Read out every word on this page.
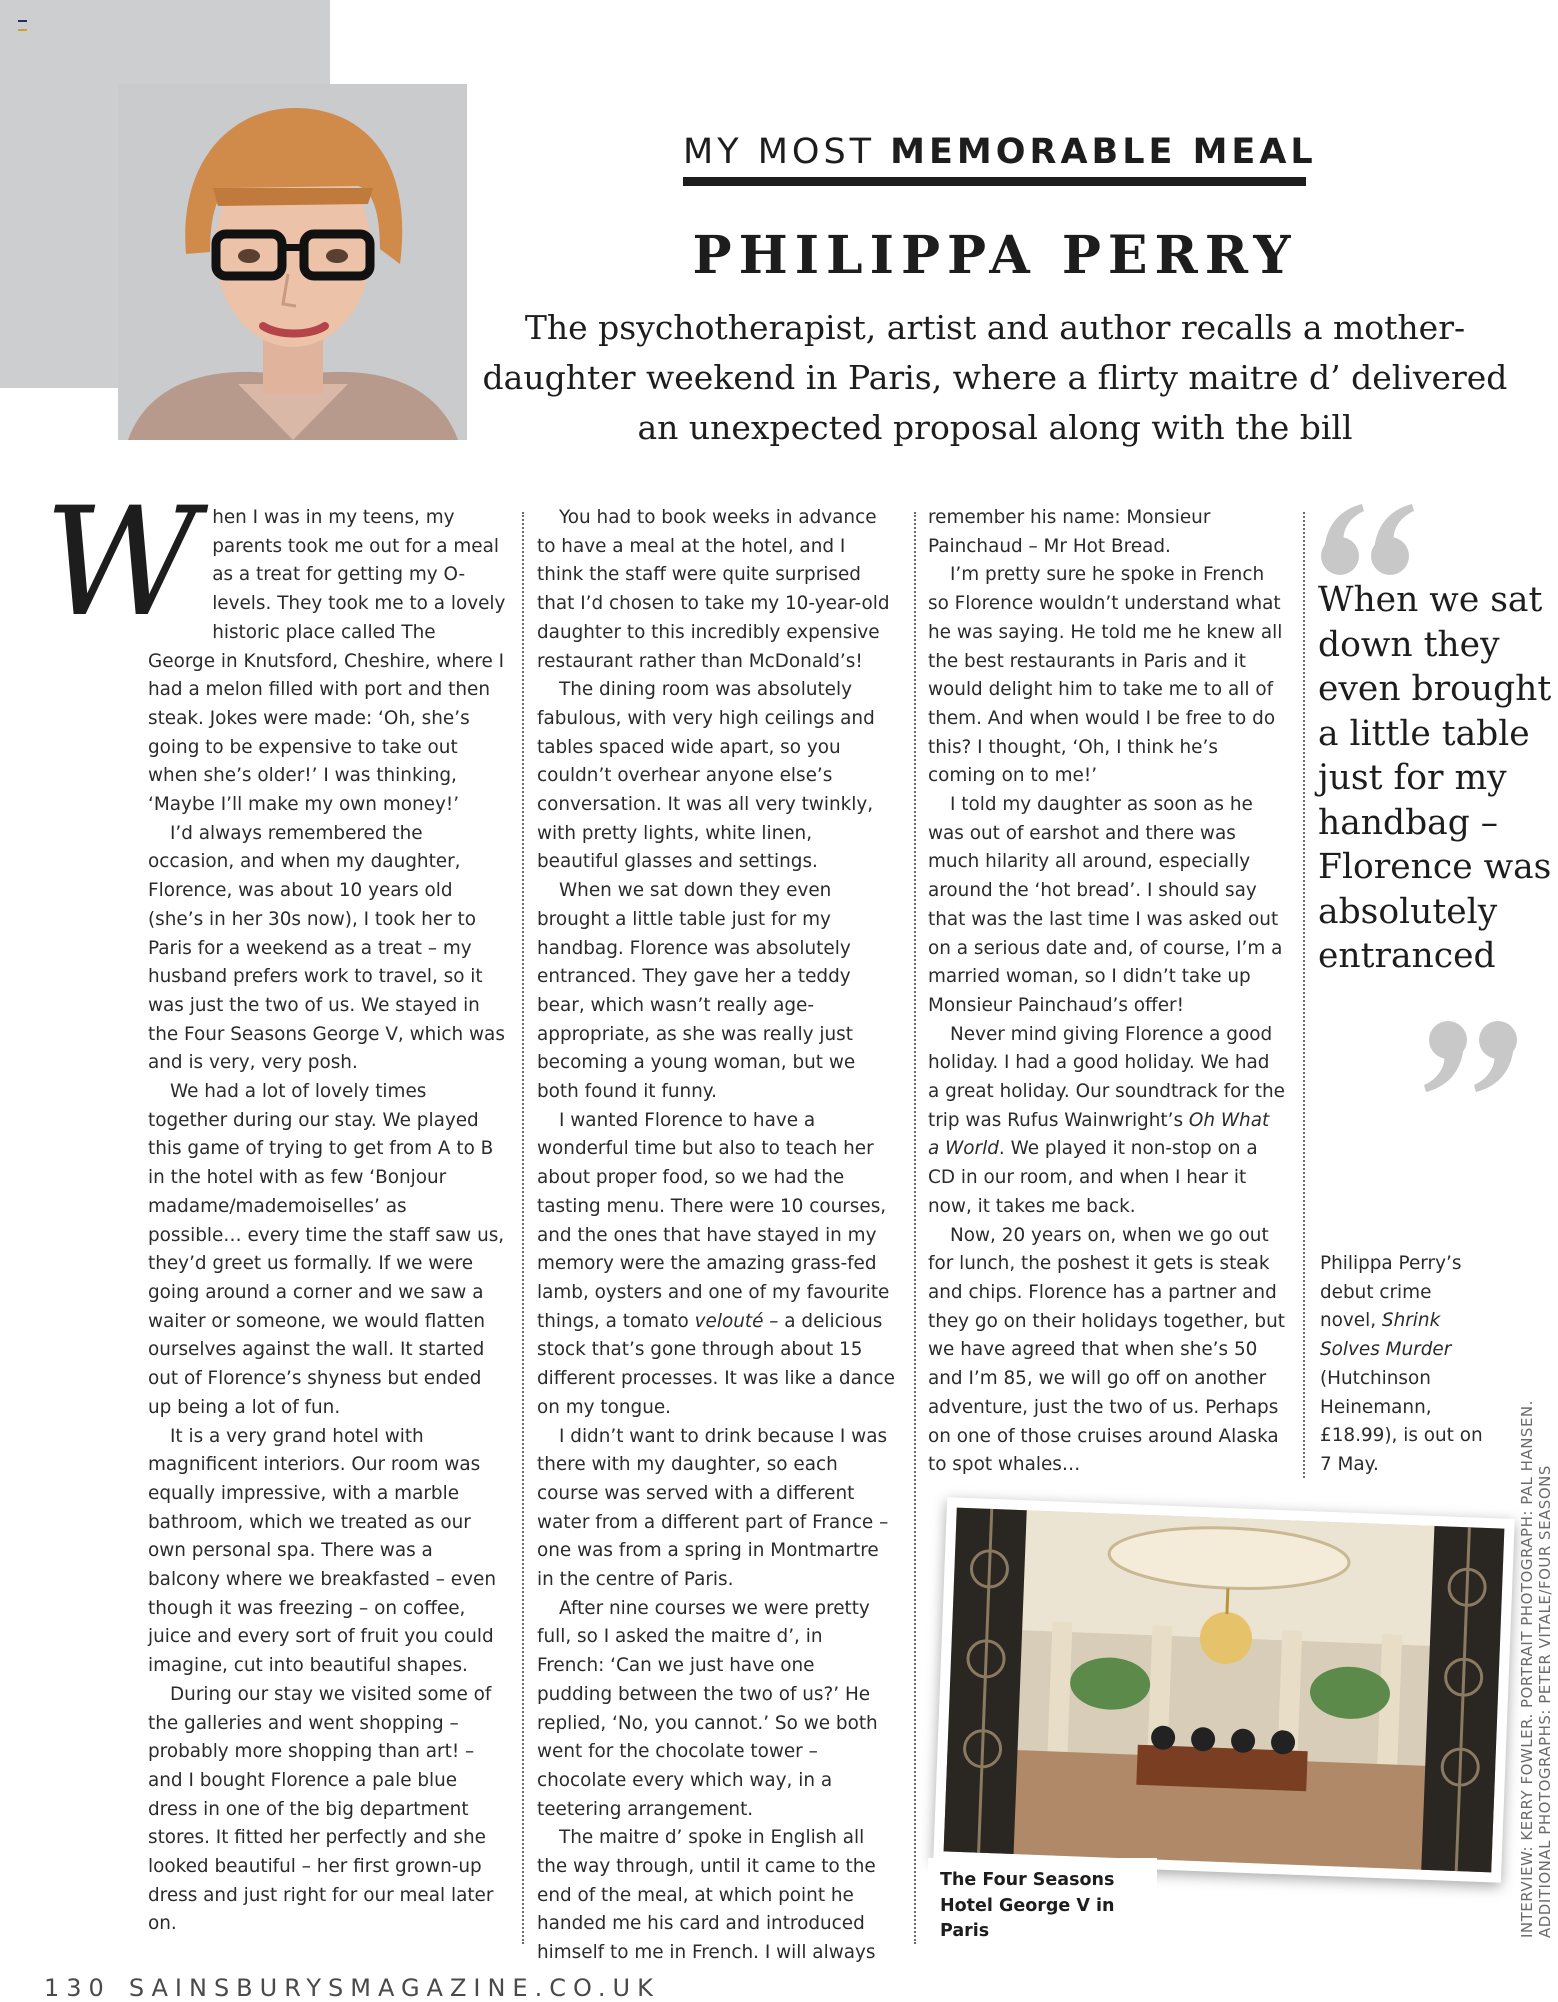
MY MOST MEMORABLE MEAL
PHILIPPA PERRY
The psychotherapist, artist and author recalls a mother-daughter weekend in Paris, where a flirty maitre d’ delivered an unexpected proposal along with the bill

When I was in my teens, my parents took me out for a meal as a treat for getting my O-levels. They took me to a lovely historic place called The George in Knutsford, Cheshire, where I had a melon filled with port and then steak. Jokes were made: ‘Oh, she’s going to be expensive to take out when she’s older!’ I was thinking, ‘Maybe I’ll make my own money!’

I’d always remembered the occasion, and when my daughter, Florence, was about 10 years old (she’s in her 30s now), I took her to Paris for a weekend as a treat – my husband prefers work to travel, so it was just the two of us. We stayed in the Four Seasons George V, which was and is very, very posh.

We had a lot of lovely times together during our stay. We played this game of trying to get from A to B in the hotel with as few ‘Bonjour madame/mademoiselles’ as possible… every time the staff saw us, they’d greet us formally. If we were going around a corner and we saw a waiter or someone, we would flatten ourselves against the wall. It started out of Florence’s shyness but ended up being a lot of fun.

It is a very grand hotel with magnificent interiors. Our room was equally impressive, with a marble bathroom, which we treated as our own personal spa. There was a balcony where we breakfasted – even though it was freezing – on coffee, juice and every sort of fruit you could imagine, cut into beautiful shapes.

During our stay we visited some of the galleries and went shopping – probably more shopping than art! – and I bought Florence a pale blue dress in one of the big department stores. It fitted her perfectly and she looked beautiful – her first grown-up dress and just right for our meal later on.

You had to book weeks in advance to have a meal at the hotel, and I think the staff were quite surprised that I’d chosen to take my 10-year-old daughter to this incredibly expensive restaurant rather than McDonald’s!

The dining room was absolutely fabulous, with very high ceilings and tables spaced wide apart, so you couldn’t overhear anyone else’s conversation. It was all very twinkly, with pretty lights, white linen, beautiful glasses and settings.

When we sat down they even brought a little table just for my handbag. Florence was absolutely entranced. They gave her a teddy bear, which wasn’t really age-appropriate, as she was really just becoming a young woman, but we both found it funny.

I wanted Florence to have a wonderful time but also to teach her about proper food, so we had the tasting menu. There were 10 courses, and the ones that have stayed in my memory were the amazing grass-fed lamb, oysters and one of my favourite things, a tomato velouté – a delicious stock that’s gone through about 15 different processes. It was like a dance on my tongue.

I didn’t want to drink because I was there with my daughter, so each course was served with a different water from a different part of France – one was from a spring in Montmartre in the centre of Paris.

After nine courses we were pretty full, so I asked the maitre d’, in French: ‘Can we just have one pudding between the two of us?’ He replied, ‘No, you cannot.’ So we both went for the chocolate tower – chocolate every which way, in a teetering arrangement.

The maitre d’ spoke in English all the way through, until it came to the end of the meal, at which point he handed me his card and introduced himself to me in French. I will always

remember his name: Monsieur Painchaud – Mr Hot Bread.

I’m pretty sure he spoke in French so Florence wouldn’t understand what he was saying. He told me he knew all the best restaurants in Paris and it would delight him to take me to all of them. And when would I be free to do this? I thought, ‘Oh, I think he’s coming on to me!’

I told my daughter as soon as he was out of earshot and there was much hilarity all around, especially around the ‘hot bread’. I should say that was the last time I was asked out on a serious date and, of course, I’m a married woman, so I didn’t take up Monsieur Painchaud’s offer!

Never mind giving Florence a good holiday. I had a good holiday. We had a great holiday. Our soundtrack for the trip was Rufus Wainwright’s Oh What a World. We played it non-stop on a CD in our room, and when I hear it now, it takes me back.

Now, 20 years on, when we go out for lunch, the poshest it gets is steak and chips. Florence has a partner and they go on their holidays together, but we have agreed that when she’s 50 and I’m 85, we will go off on another adventure, just the two of us. Perhaps on one of those cruises around Alaska to spot whales…

When we sat down they even brought a little table just for my handbag – Florence was absolutely entranced
Philippa Perry’s debut crime novel, Shrink Solves Murder (Hutchinson Heinemann, £18.99), is out on 7 May.
The Four Seasons Hotel George V in Paris	INTERVIEW: KERRY FOWLER. PORTRAIT PHOTOGRAPH: PAL HANSEN. ADDITIONAL PHOTOGRAPHS: PETER VITALE/FOUR SEASONS
130 SAINSBURYSMAGAZINE.CO.UK
